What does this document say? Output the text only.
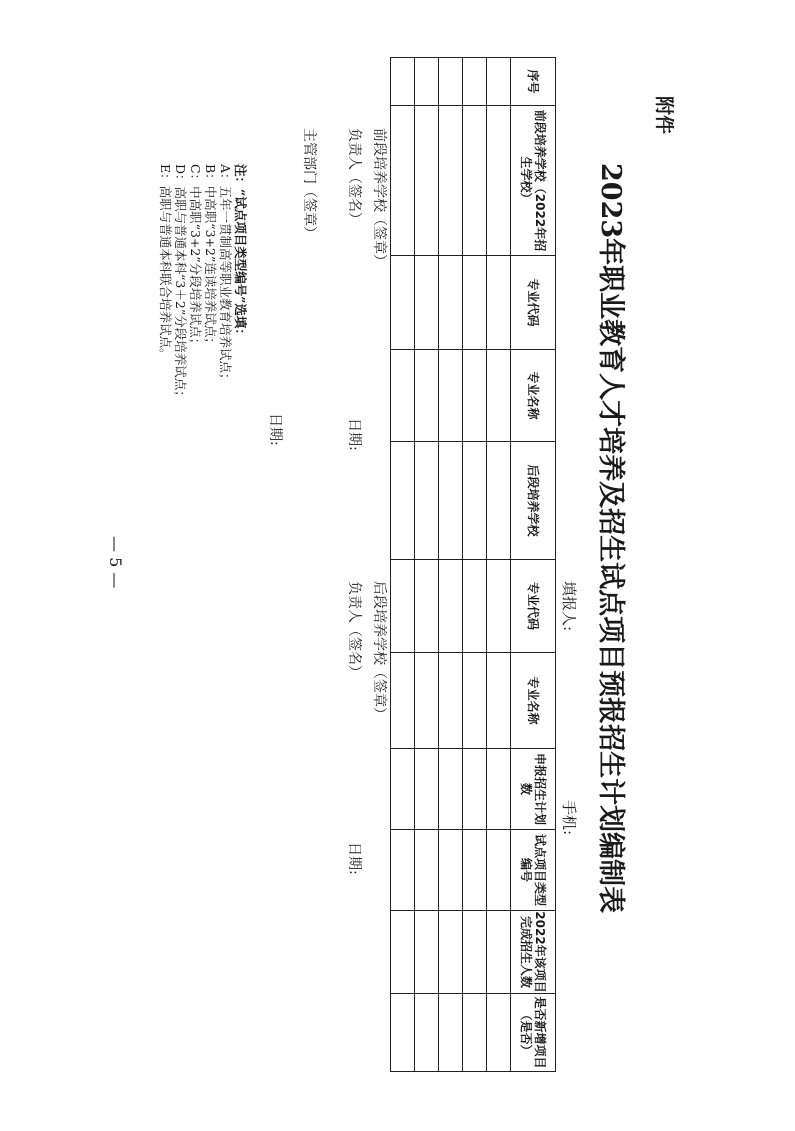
附件
2023年职业教育人才培养及招生试点项目预报招生计划编制表
填报人:
手机:
序号	前段培养学校（2022年招生学校）	专业代码	专业名称	后段培养学校	专业代码	专业名称	申报招生计划数	试点项目类型编号	2022年该项目完成招生人数	是否新增项目（是否）

前段培养学校（签章）
后段培养学校（签章）
负责人（签名）
日期:
负责人（签名）
日期:
主管部门（签章）
日期:
注：“试点项目类型编号”选填：
A：五年一贯制高等职业教育培养试点；
B：中高职“3+2”连读培养试点；
C：中高职“3+2”分段培养试点；
D：高职与普通本科“3＋2”分段培养试点；
E：高职与普通本科联合培养试点。
— 5 —
